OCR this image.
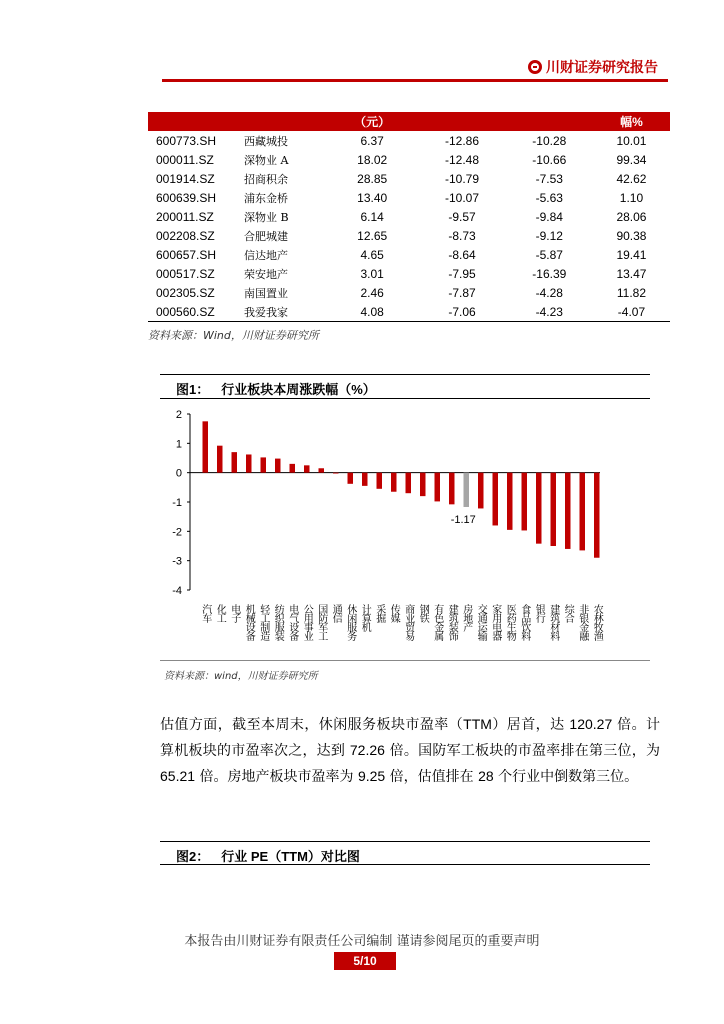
川财证券研究报告
		（元）			幅%
600773.SH	西藏城投	6.37	-12.86	-10.28	10.01
000011.SZ	深物业 A	18.02	-12.48	-10.66	99.34
001914.SZ	招商积余	28.85	-10.79	-7.53	42.62
600639.SH	浦东金桥	13.40	-10.07	-5.63	1.10
200011.SZ	深物业 B	6.14	-9.57	-9.84	28.06
002208.SZ	合肥城建	12.65	-8.73	-9.12	90.38
600657.SH	信达地产	4.65	-8.64	-5.87	19.41
000517.SZ	荣安地产	3.01	-7.95	-16.39	13.47
002305.SZ	南国置业	2.46	-7.87	-4.28	11.82
000560.SZ	我爱我家	4.08	-7.06	-4.23	-4.07
资料来源：Wind，川财证券研究所
图1： 行业板块本周涨跌幅（%）
2
1
0
-1
-2
-3
-4
汽车 化工 电子 机械设备 轻工制造 纺织服装 电气设备 公用事业 国防军工 通信 休闲服务 计算机 采掘 传媒 商业贸易 钢铁 有色金属 建筑装饰 房地产
-1.17
交通运输 家用电器 医药生物 食品饮料 银行 建筑材料 综合 非银金融 农林牧渔
资料来源：wind，川财证券研究所
估值方面，截至本周末，休闲服务板块市盈率（TTM）居首，达 120.27 倍。计算机板块的市盈率次之，达到 72.26 倍。国防军工板块的市盈率排在第三位，为 65.21 倍。房地产板块市盈率为 9.25 倍，估值排在 28 个行业中倒数第三位。
图2： 行业 PE（TTM）对比图
本报告由川财证券有限责任公司编制 谨请参阅尾页的重要声明
5/10
